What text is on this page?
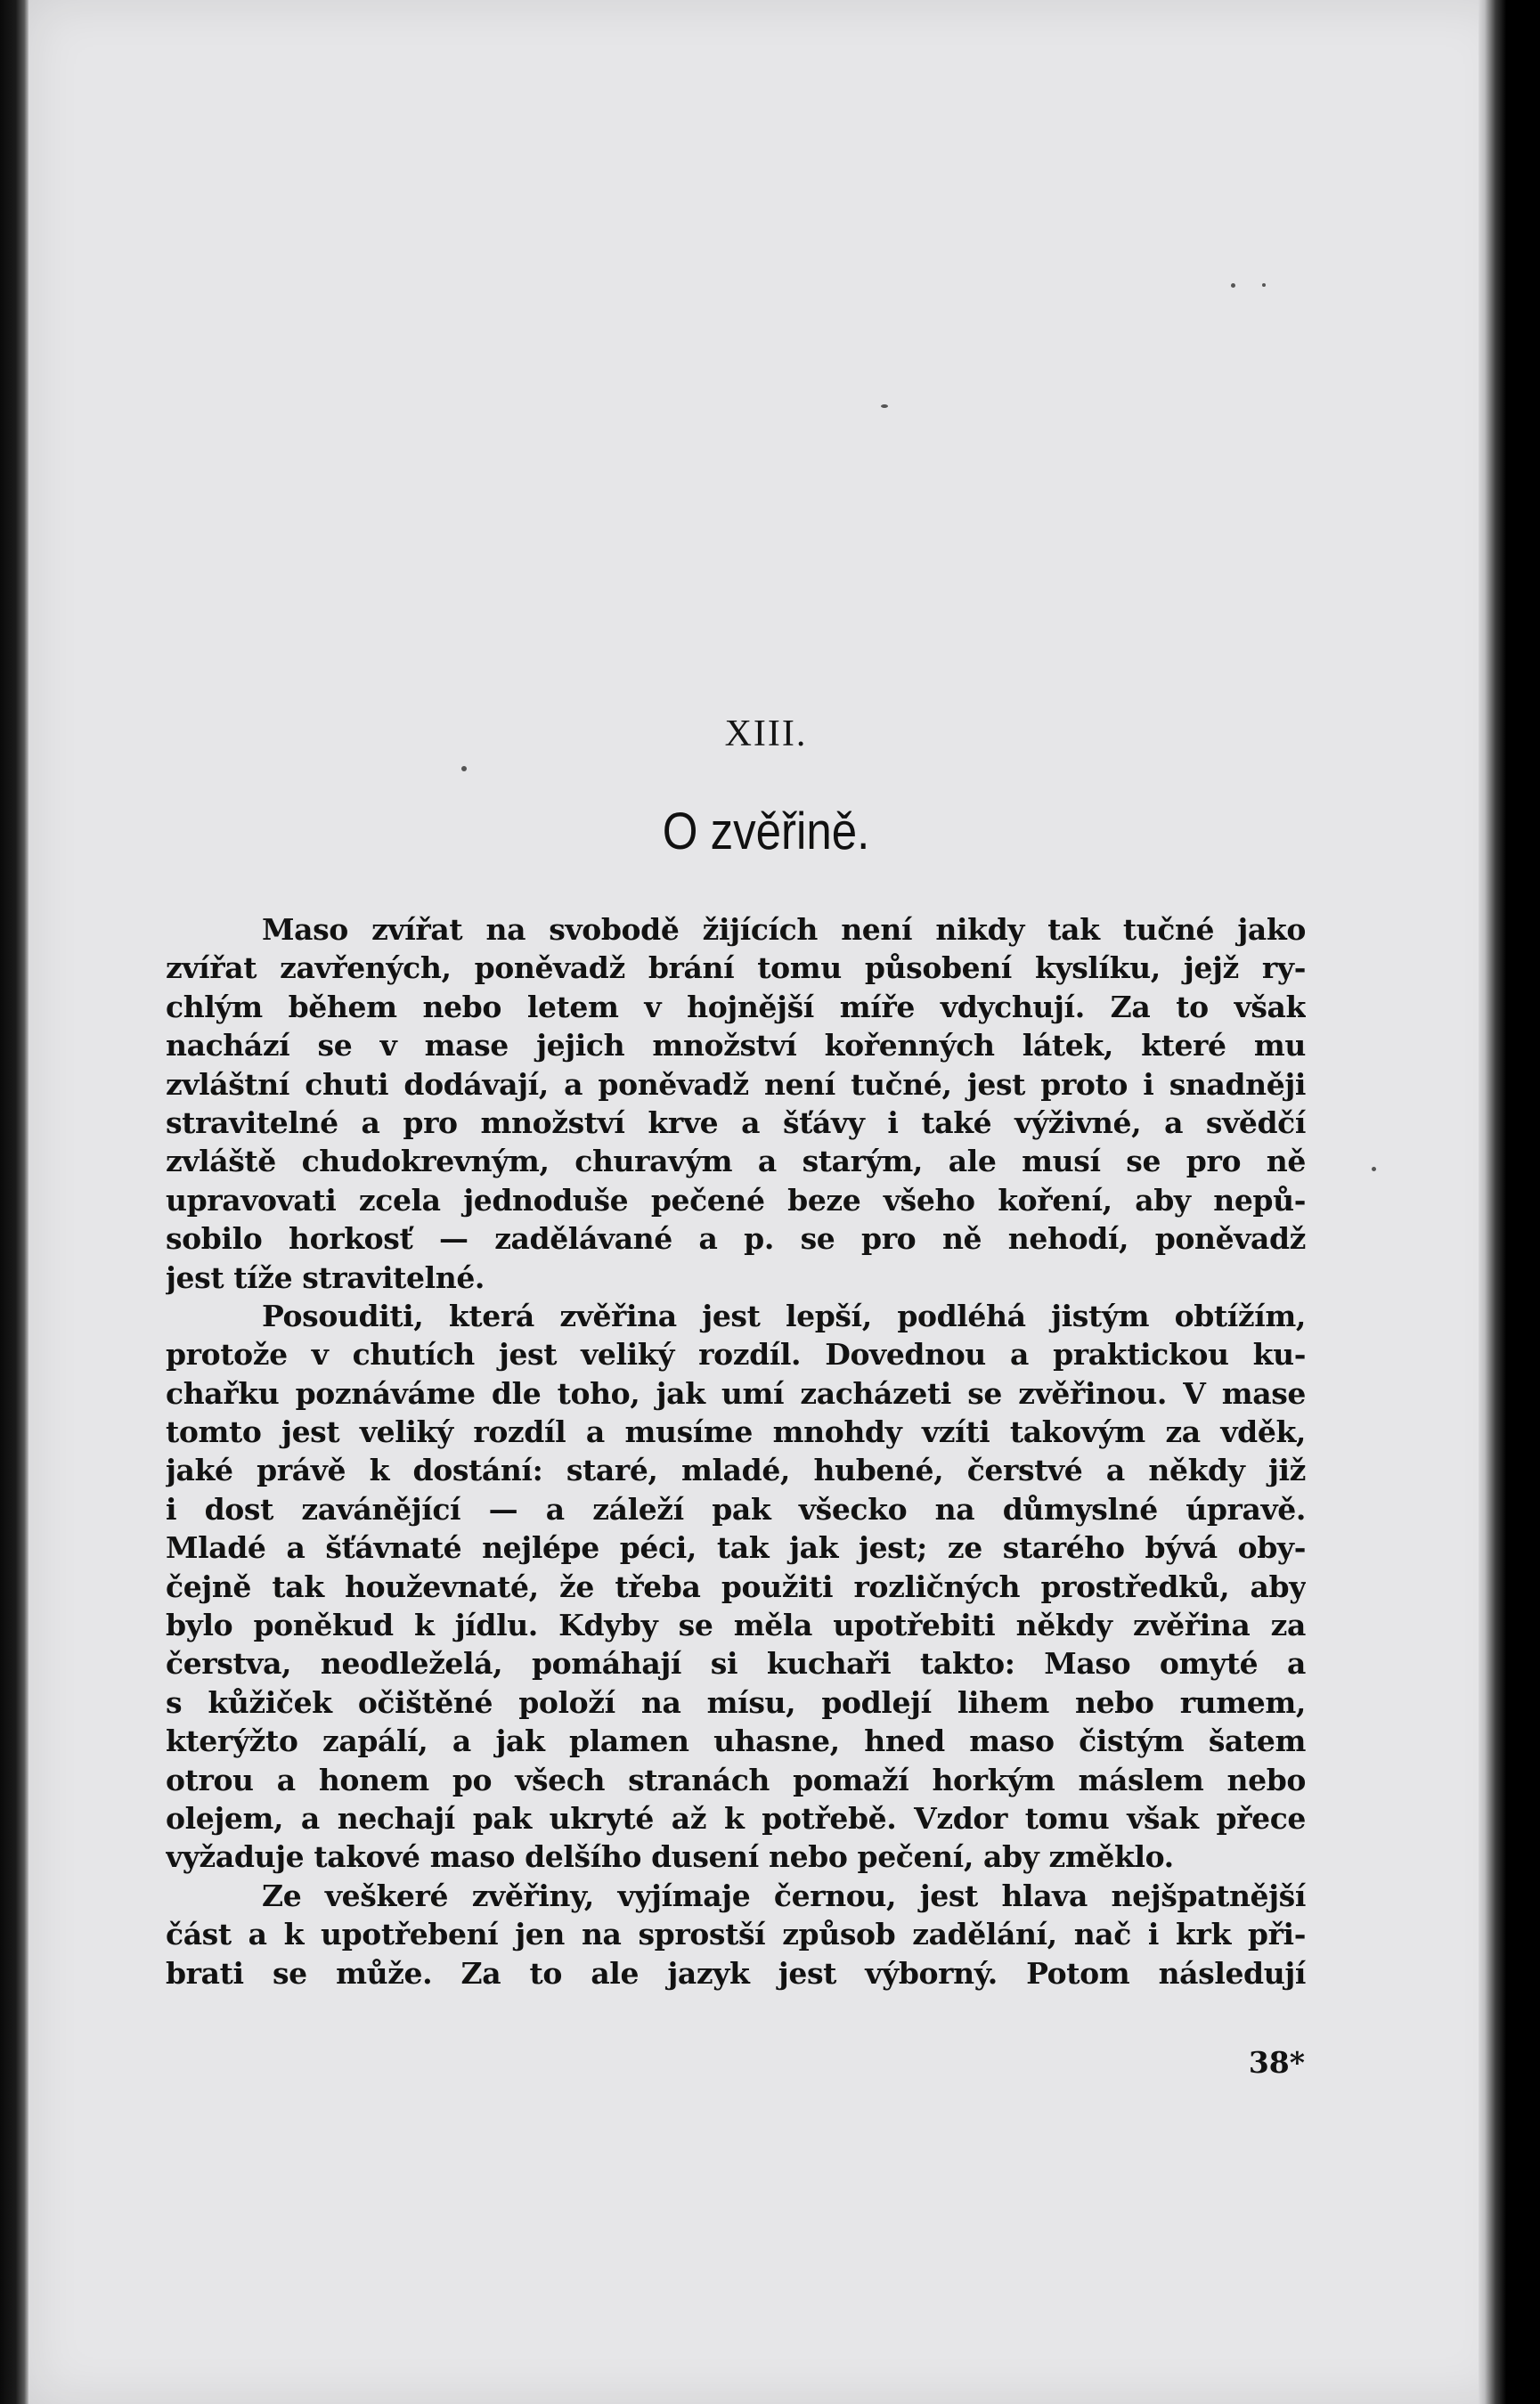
XIII.
O zvěřině.
Maso zvířat na svobodě žijících není nikdy tak tučné jako
zvířat zavřených, poněvadž brání tomu působení kyslíku, jejž ry-
chlým během nebo letem v hojnější míře vdychují. Za to však
nachází se v mase jejich množství kořenných látek, které mu
zvláštní chuti dodávají, a poněvadž není tučné, jest proto i snadněji
stravitelné a pro množství krve a šťávy i také výživné, a svědčí
zvláště chudokrevným, churavým a starým, ale musí se pro ně
upravovati zcela jednoduše pečené beze všeho koření, aby nepů-
sobilo horkosť — zadělávané a p. se pro ně nehodí, poněvadž
jest tíže stravitelné.
Posouditi, která zvěřina jest lepší, podléhá jistým obtížím,
protože v chutích jest veliký rozdíl. Dovednou a praktickou ku-
chařku poznáváme dle toho, jak umí zacházeti se zvěřinou. V mase
tomto jest veliký rozdíl a musíme mnohdy vzíti takovým za vděk,
jaké právě k dostání: staré, mladé, hubené, čerstvé a někdy již
i dost zavánějící — a záleží pak všecko na důmyslné úpravě.
Mladé a šťávnaté nejlépe péci, tak jak jest; ze starého bývá oby-
čejně tak houževnaté, že třeba použiti rozličných prostředků, aby
bylo poněkud k jídlu. Kdyby se měla upotřebiti někdy zvěřina za
čerstva, neodleželá, pomáhají si kuchaři takto: Maso omyté a
s kůžiček očištěné položí na mísu, podlejí lihem nebo rumem,
kterýžto zapálí, a jak plamen uhasne, hned maso čistým šatem
otrou a honem po všech stranách pomaží horkým máslem nebo
olejem, a nechají pak ukryté až k potřebě. Vzdor tomu však přece
vyžaduje takové maso delšího dusení nebo pečení, aby změklo.
Ze veškeré zvěřiny, vyjímaje černou, jest hlava nejšpatnější
část a k upotřebení jen na sprostší způsob zadělání, nač i krk při-
brati se může. Za to ale jazyk jest výborný. Potom následují
38*
